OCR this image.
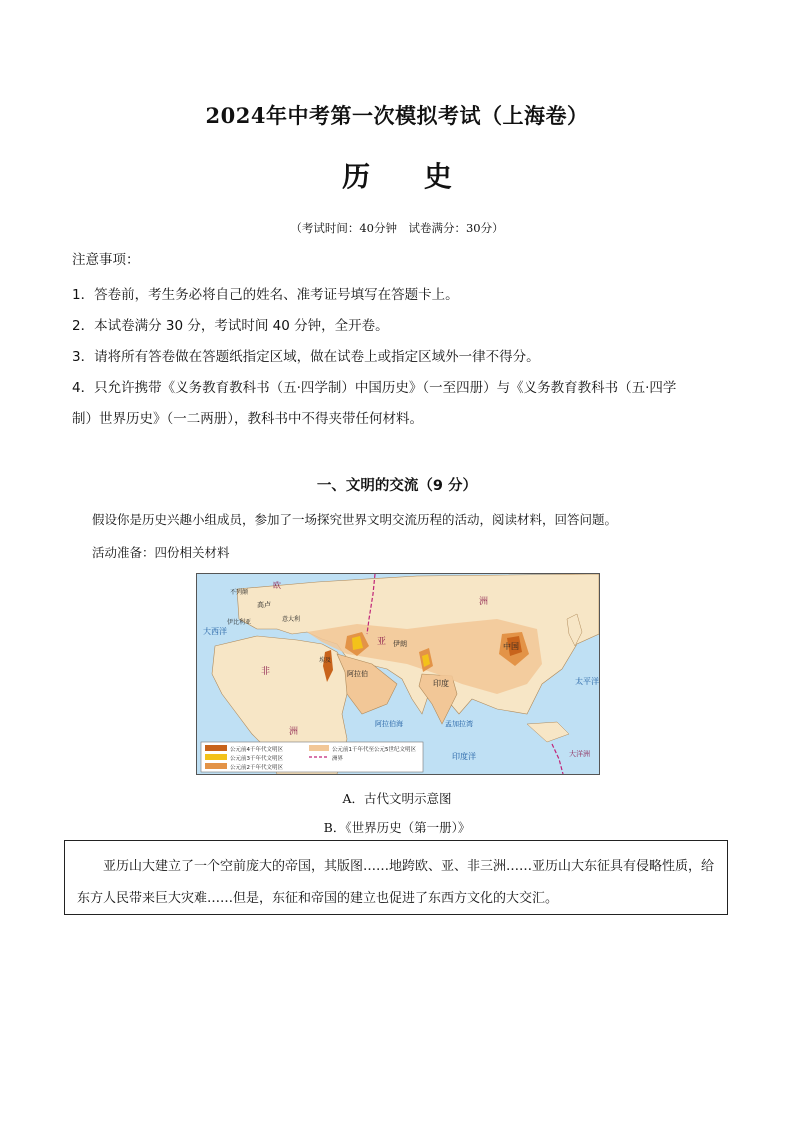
2024年中考第一次模拟考试（上海卷）
历 史
（考试时间：40分钟　试卷满分：30分）
注意事项：
1．答卷前，考生务必将自己的姓名、准考证号填写在答题卡上。
2．本试卷满分 30 分，考试时间 40 分钟，全开卷。
3．请将所有答卷做在答题纸指定区域，做在试卷上或指定区域外一律不得分。
4．只允许携带《义务教育教科书（五·四学制）中国历史》（一至四册）与《义务教育教科书（五·四学
制）世界历史》（一二两册），教科书中不得夹带任何材料。
一、文明的交流（9 分）
假设你是历史兴趣小组成员，参加了一场探究世界文明交流历程的活动，阅读材料，回答问题。
活动准备：四份相关材料
欧
不列颠
高卢
伊比利亚	意大利
非
洲
埃及
阿拉伯
伊朗
印度
亚
洲
中国
阿拉伯海	孟加拉湾
太平洋
大西洋
印度洋	大洋洲
公元前4千年代文明区
公元前3千年代文明区
公元前2千年代文明区
公元前1千年代至公元5世纪文明区
洲界
A．古代文明示意图
B．《世界历史（第一册）》

亚历山大建立了一个空前庞大的帝国，其版图……地跨欧、亚、非三洲……亚历山大东征具有侵略性质，给东方人民带来巨大灾难……但是，东征和帝国的建立也促进了东西方文化的大交汇。
